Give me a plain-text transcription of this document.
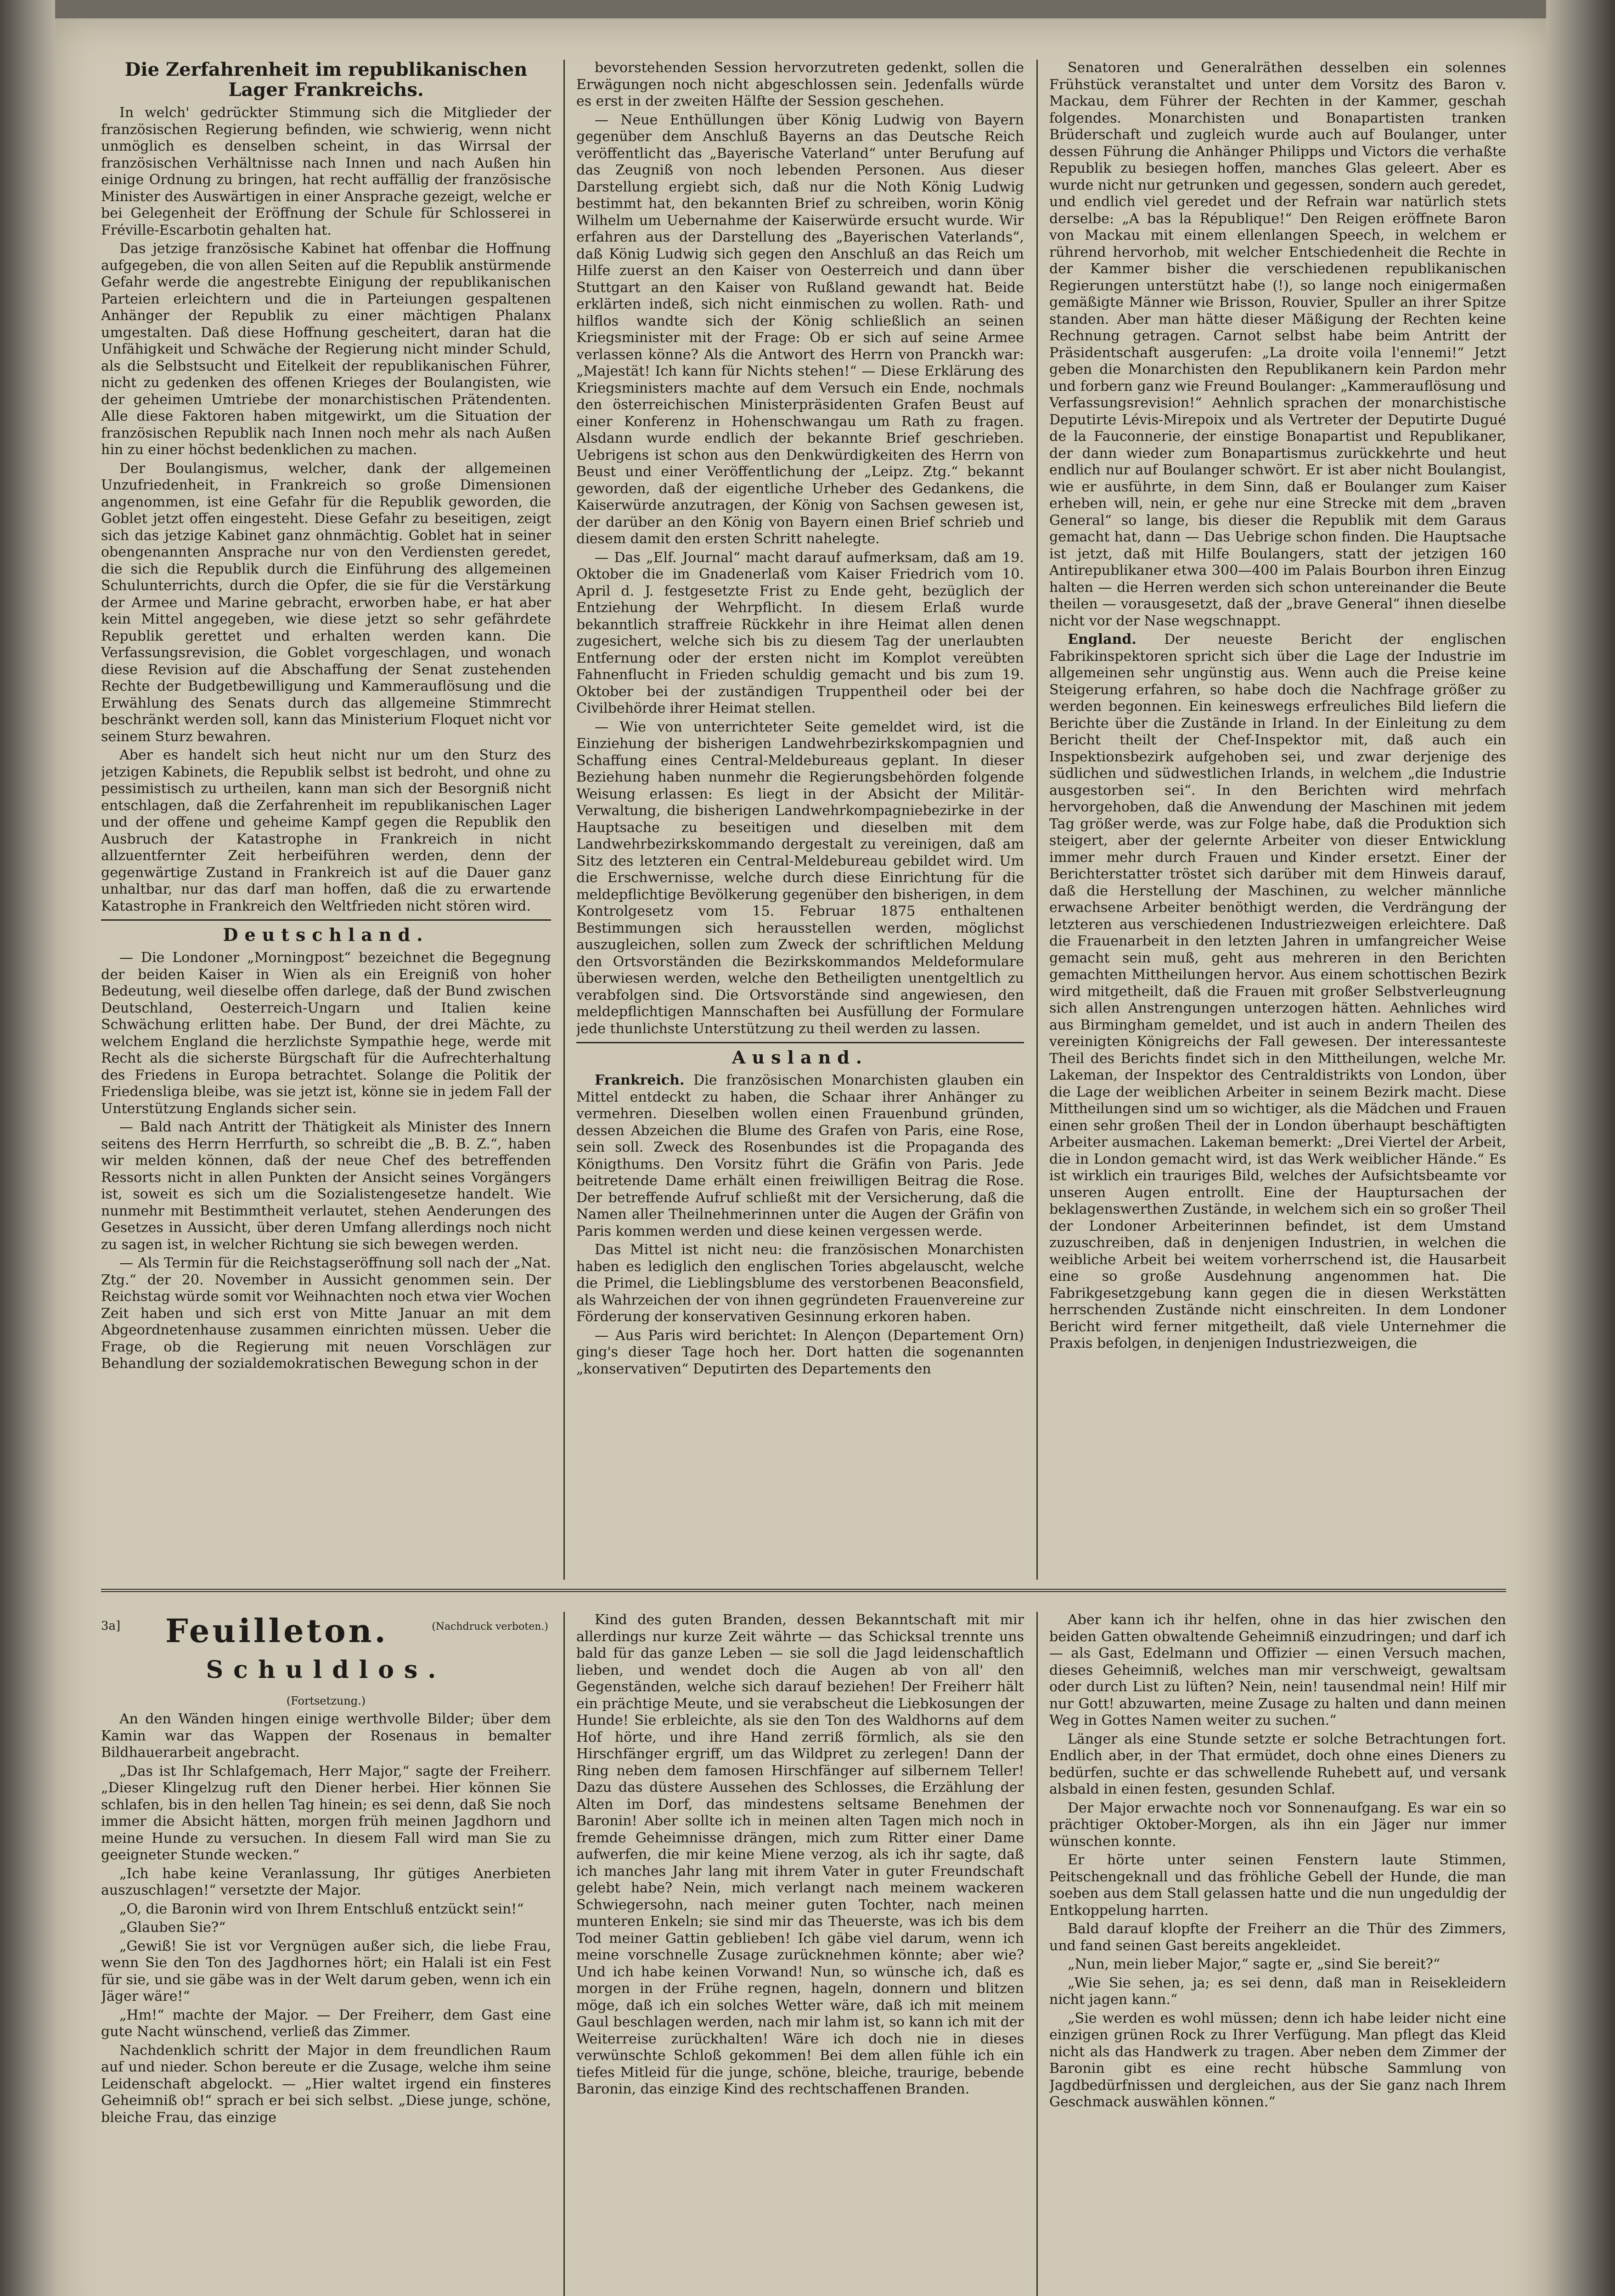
Die Zerfahrenheit im republikanischen Lager Frankreichs.

In welch' gedrückter Stimmung sich die Mitglieder der französischen Regierung befinden, wie schwierig, wenn nicht unmöglich es denselben scheint, in das Wirrsal der französischen Verhältnisse nach Innen und nach Außen hin einige Ordnung zu bringen, hat recht auffällig der französische Minister des Auswärtigen in einer Ansprache gezeigt, welche er bei Gelegenheit der Eröffnung der Schule für Schlosserei in Fréville-Escarbotin gehalten hat.

Das jetzige französische Kabinet hat offenbar die Hoffnung aufgegeben, die von allen Seiten auf die Republik anstürmende Gefahr werde die angestrebte Einigung der republikanischen Parteien erleichtern und die in Parteiungen gespaltenen Anhänger der Republik zu einer mächtigen Phalanx umgestalten. Daß diese Hoffnung gescheitert, daran hat die Unfähigkeit und Schwäche der Regierung nicht minder Schuld, als die Selbstsucht und Eitelkeit der republikanischen Führer, nicht zu gedenken des offenen Krieges der Boulangisten, wie der geheimen Umtriebe der monarchistischen Prätendenten. Alle diese Faktoren haben mitgewirkt, um die Situation der französischen Republik nach Innen noch mehr als nach Außen hin zu einer höchst bedenklichen zu machen.

Der Boulangismus, welcher, dank der allgemeinen Unzufriedenheit, in Frankreich so große Dimensionen angenommen, ist eine Gefahr für die Republik geworden, die Goblet jetzt offen eingesteht. Diese Gefahr zu beseitigen, zeigt sich das jetzige Kabinet ganz ohnmächtig. Goblet hat in seiner obengenannten Ansprache nur von den Verdiensten geredet, die sich die Republik durch die Einführung des allgemeinen Schulunterrichts, durch die Opfer, die sie für die Verstärkung der Armee und Marine gebracht, erworben habe, er hat aber kein Mittel angegeben, wie diese jetzt so sehr gefährdete Republik gerettet und erhalten werden kann. Die Verfassungsrevision, die Goblet vorgeschlagen, und wonach diese Revision auf die Abschaffung der Senat zustehenden Rechte der Budgetbewilligung und Kammerauflösung und die Erwählung des Senats durch das allgemeine Stimmrecht beschränkt werden soll, kann das Ministerium Floquet nicht vor seinem Sturz bewahren.

Aber es handelt sich heut nicht nur um den Sturz des jetzigen Kabinets, die Republik selbst ist bedroht, und ohne zu pessimistisch zu urtheilen, kann man sich der Besorgniß nicht entschlagen, daß die Zerfahrenheit im republikanischen Lager und der offene und geheime Kampf gegen die Republik den Ausbruch der Katastrophe in Frankreich in nicht allzuentfernter Zeit herbeiführen werden, denn der gegenwärtige Zustand in Frankreich ist auf die Dauer ganz unhaltbar, nur das darf man hoffen, daß die zu erwartende Katastrophe in Frankreich den Weltfrieden nicht stören wird.

Deutschland.

— Die Londoner „Morningpost“ bezeichnet die Begegnung der beiden Kaiser in Wien als ein Ereigniß von hoher Bedeutung, weil dieselbe offen darlege, daß der Bund zwischen Deutschland, Oesterreich-Ungarn und Italien keine Schwächung erlitten habe. Der Bund, der drei Mächte, zu welchem England die herzlichste Sympathie hege, werde mit Recht als die sicherste Bürgschaft für die Aufrechterhaltung des Friedens in Europa betrachtet. Solange die Politik der Friedensliga bleibe, was sie jetzt ist, könne sie in jedem Fall der Unterstützung Englands sicher sein.

— Bald nach Antritt der Thätigkeit als Minister des Innern seitens des Herrn Herrfurth, so schreibt die „B. B. Z.“, haben wir melden können, daß der neue Chef des betreffenden Ressorts nicht in allen Punkten der Ansicht seines Vorgängers ist, soweit es sich um die Sozialistengesetze handelt. Wie nunmehr mit Bestimmtheit verlautet, stehen Aenderungen des Gesetzes in Aussicht, über deren Umfang allerdings noch nicht zu sagen ist, in welcher Richtung sie sich bewegen werden.

— Als Termin für die Reichstagseröffnung soll nach der „Nat. Ztg.“ der 20. November in Aussicht genommen sein. Der Reichstag würde somit vor Weihnachten noch etwa vier Wochen Zeit haben und sich erst von Mitte Januar an mit dem Abgeordnetenhause zusammen einrichten müssen. Ueber die Frage, ob die Regierung mit neuen Vorschlägen zur Behandlung der sozialdemokratischen Bewegung schon in der

bevorstehenden Session hervorzutreten gedenkt, sollen die Erwägungen noch nicht abgeschlossen sein. Jedenfalls würde es erst in der zweiten Hälfte der Session geschehen.

— Neue Enthüllungen über König Ludwig von Bayern gegenüber dem Anschluß Bayerns an das Deutsche Reich veröffentlicht das „Bayerische Vaterland“ unter Berufung auf das Zeugniß von noch lebenden Personen. Aus dieser Darstellung ergiebt sich, daß nur die Noth König Ludwig bestimmt hat, den bekannten Brief zu schreiben, worin König Wilhelm um Uebernahme der Kaiserwürde ersucht wurde. Wir erfahren aus der Darstellung des „Bayerischen Vaterlands“, daß König Ludwig sich gegen den Anschluß an das Reich um Hilfe zuerst an den Kaiser von Oesterreich und dann über Stuttgart an den Kaiser von Rußland gewandt hat. Beide erklärten indeß, sich nicht einmischen zu wollen. Rath- und hilflos wandte sich der König schließlich an seinen Kriegsminister mit der Frage: Ob er sich auf seine Armee verlassen könne? Als die Antwort des Herrn von Pranckh war: „Majestät! Ich kann für Nichts stehen!“ — Diese Erklärung des Kriegsministers machte auf dem Versuch ein Ende, nochmals den österreichischen Ministerpräsidenten Grafen Beust auf einer Konferenz in Hohenschwangau um Rath zu fragen. Alsdann wurde endlich der bekannte Brief geschrieben. Uebrigens ist schon aus den Denkwürdigkeiten des Herrn von Beust und einer Veröffentlichung der „Leipz. Ztg.“ bekannt geworden, daß der eigentliche Urheber des Gedankens, die Kaiserwürde anzutragen, der König von Sachsen gewesen ist, der darüber an den König von Bayern einen Brief schrieb und diesem damit den ersten Schritt nahelegte.

— Das „Elf. Journal“ macht darauf aufmerksam, daß am 19. Oktober die im Gnadenerlaß vom Kaiser Friedrich vom 10. April d. J. festgesetzte Frist zu Ende geht, bezüglich der Entziehung der Wehrpflicht. In diesem Erlaß wurde bekanntlich straffreie Rückkehr in ihre Heimat allen denen zugesichert, welche sich bis zu diesem Tag der unerlaubten Entfernung oder der ersten nicht im Komplot vereübten Fahnenflucht in Frieden schuldig gemacht und bis zum 19. Oktober bei der zuständigen Truppentheil oder bei der Civilbehörde ihrer Heimat stellen.

— Wie von unterrichteter Seite gemeldet wird, ist die Einziehung der bisherigen Landwehrbezirkskompagnien und Schaffung eines Central-Meldebureaus geplant. In dieser Beziehung haben nunmehr die Regierungsbehörden folgende Weisung erlassen: Es liegt in der Absicht der Militär-Verwaltung, die bisherigen Landwehrkompagniebezirke in der Hauptsache zu beseitigen und dieselben mit dem Landwehrbezirkskommando dergestalt zu vereinigen, daß am Sitz des letzteren ein Central-Meldebureau gebildet wird. Um die Erschwernisse, welche durch diese Einrichtung für die meldepflichtige Bevölkerung gegenüber den bisherigen, in dem Kontrolgesetz vom 15. Februar 1875 enthaltenen Bestimmungen sich herausstellen werden, möglichst auszugleichen, sollen zum Zweck der schriftlichen Meldung den Ortsvorständen die Bezirkskommandos Meldeformulare überwiesen werden, welche den Betheiligten unentgeltlich zu verabfolgen sind. Die Ortsvorstände sind angewiesen, den meldepflichtigen Mannschaften bei Ausfüllung der Formulare jede thunlichste Unterstützung zu theil werden zu lassen.

Ausland.

Frankreich. Die französischen Monarchisten glauben ein Mittel entdeckt zu haben, die Schaar ihrer Anhänger zu vermehren. Dieselben wollen einen Frauenbund gründen, dessen Abzeichen die Blume des Grafen von Paris, eine Rose, sein soll. Zweck des Rosenbundes ist die Propaganda des Königthums. Den Vorsitz führt die Gräfin von Paris. Jede beitretende Dame erhält einen freiwilligen Beitrag die Rose. Der betreffende Aufruf schließt mit der Versicherung, daß die Namen aller Theilnehmerinnen unter die Augen der Gräfin von Paris kommen werden und diese keinen vergessen werde.

Das Mittel ist nicht neu: die französischen Monarchisten haben es lediglich den englischen Tories abgelauscht, welche die Primel, die Lieblingsblume des verstorbenen Beaconsfield, als Wahrzeichen der von ihnen gegründeten Frauenvereine zur Förderung der konservativen Gesinnung erkoren haben.

— Aus Paris wird berichtet: In Alençon (Departement Orn) ging's dieser Tage hoch her. Dort hatten die sogenannten „konservativen“ Deputirten des Departements den

Senatoren und Generalräthen desselben ein solennes Frühstück veranstaltet und unter dem Vorsitz des Baron v. Mackau, dem Führer der Rechten in der Kammer, geschah folgendes. Monarchisten und Bonapartisten tranken Brüderschaft und zugleich wurde auch auf Boulanger, unter dessen Führung die Anhänger Philipps und Victors die verhaßte Republik zu besiegen hoffen, manches Glas geleert. Aber es wurde nicht nur getrunken und gegessen, sondern auch geredet, und endlich viel geredet und der Refrain war natürlich stets derselbe: „A bas la République!“ Den Reigen eröffnete Baron von Mackau mit einem ellenlangen Speech, in welchem er rührend hervorhob, mit welcher Entschiedenheit die Rechte in der Kammer bisher die verschiedenen republikanischen Regierungen unterstützt habe (!), so lange noch einigermaßen gemäßigte Männer wie Brisson, Rouvier, Spuller an ihrer Spitze standen. Aber man hätte dieser Mäßigung der Rechten keine Rechnung getragen. Carnot selbst habe beim Antritt der Präsidentschaft ausgerufen: „La droite voila l'ennemi!“ Jetzt geben die Monarchisten den Republikanern kein Pardon mehr und forbern ganz wie Freund Boulanger: „Kammerauflösung und Verfassungsrevision!“ Aehnlich sprachen der monarchistische Deputirte Lévis-Mirepoix und als Vertreter der Deputirte Dugué de la Fauconnerie, der einstige Bonapartist und Republikaner, der dann wieder zum Bonapartismus zurückkehrte und heut endlich nur auf Boulanger schwört. Er ist aber nicht Boulangist, wie er ausführte, in dem Sinn, daß er Boulanger zum Kaiser erheben will, nein, er gehe nur eine Strecke mit dem „braven General“ so lange, bis dieser die Republik mit dem Garaus gemacht hat, dann — Das Uebrige schon finden. Die Hauptsache ist jetzt, daß mit Hilfe Boulangers, statt der jetzigen 160 Antirepublikaner etwa 300—400 im Palais Bourbon ihren Einzug halten — die Herren werden sich schon untereinander die Beute theilen — vorausgesetzt, daß der „brave General“ ihnen dieselbe nicht vor der Nase wegschnappt.

England. Der neueste Bericht der englischen Fabrikinspektoren spricht sich über die Lage der Industrie im allgemeinen sehr ungünstig aus. Wenn auch die Preise keine Steigerung erfahren, so habe doch die Nachfrage größer zu werden begonnen. Ein keineswegs erfreuliches Bild liefern die Berichte über die Zustände in Irland. In der Einleitung zu dem Bericht theilt der Chef-Inspektor mit, daß auch ein Inspektionsbezirk aufgehoben sei, und zwar derjenige des südlichen und südwestlichen Irlands, in welchem „die Industrie ausgestorben sei“. In den Berichten wird mehrfach hervorgehoben, daß die Anwendung der Maschinen mit jedem Tag größer werde, was zur Folge habe, daß die Produktion sich steigert, aber der gelernte Arbeiter von dieser Entwicklung immer mehr durch Frauen und Kinder ersetzt. Einer der Berichterstatter tröstet sich darüber mit dem Hinweis darauf, daß die Herstellung der Maschinen, zu welcher männliche erwachsene Arbeiter benöthigt werden, die Verdrängung der letzteren aus verschiedenen Industriezweigen erleichtere. Daß die Frauenarbeit in den letzten Jahren in umfangreicher Weise gemacht sein muß, geht aus mehreren in den Berichten gemachten Mittheilungen hervor. Aus einem schottischen Bezirk wird mitgetheilt, daß die Frauen mit großer Selbstverleugnung sich allen Anstrengungen unterzogen hätten. Aehnliches wird aus Birmingham gemeldet, und ist auch in andern Theilen des vereinigten Königreichs der Fall gewesen. Der interessanteste Theil des Berichts findet sich in den Mittheilungen, welche Mr. Lakeman, der Inspektor des Centraldistrikts von London, über die Lage der weiblichen Arbeiter in seinem Bezirk macht. Diese Mittheilungen sind um so wichtiger, als die Mädchen und Frauen einen sehr großen Theil der in London überhaupt beschäftigten Arbeiter ausmachen. Lakeman bemerkt: „Drei Viertel der Arbeit, die in London gemacht wird, ist das Werk weiblicher Hände.“ Es ist wirklich ein trauriges Bild, welches der Aufsichtsbeamte vor unseren Augen entrollt. Eine der Hauptursachen der beklagenswerthen Zustände, in welchem sich ein so großer Theil der Londoner Arbeiterinnen befindet, ist dem Umstand zuzuschreiben, daß in denjenigen Industrien, in welchen die weibliche Arbeit bei weitem vorherrschend ist, die Hausarbeit eine so große Ausdehnung angenommen hat. Die Fabrikgesetzgebung kann gegen die in diesen Werkstätten herrschenden Zustände nicht einschreiten. In dem Londoner Bericht wird ferner mitgetheilt, daß viele Unternehmer die Praxis befolgen, in denjenigen Industriezweigen, die

3a] Feuilleton.	(Nachdruck verboten.)
Schuldlos.
(Fortsetzung.)

An den Wänden hingen einige werthvolle Bilder; über dem Kamin war das Wappen der Rosenaus in bemalter Bildhauerarbeit angebracht.

„Das ist Ihr Schlafgemach, Herr Major,“ sagte der Freiherr. „Dieser Klingelzug ruft den Diener herbei. Hier können Sie schlafen, bis in den hellen Tag hinein; es sei denn, daß Sie noch immer die Absicht hätten, morgen früh meinen Jagdhorn und meine Hunde zu versuchen. In diesem Fall wird man Sie zu geeigneter Stunde wecken.“

„Ich habe keine Veranlassung, Ihr gütiges Anerbieten auszuschlagen!“ versetzte der Major.

„O, die Baronin wird von Ihrem Entschluß entzückt sein!“

„Glauben Sie?“

„Gewiß! Sie ist vor Vergnügen außer sich, die liebe Frau, wenn Sie den Ton des Jagdhornes hört; ein Halali ist ein Fest für sie, und sie gäbe was in der Welt darum geben, wenn ich ein Jäger wäre!“

„Hm!“ machte der Major. — Der Freiherr, dem Gast eine gute Nacht wünschend, verließ das Zimmer.

Nachdenklich schritt der Major in dem freundlichen Raum auf und nieder. Schon bereute er die Zusage, welche ihm seine Leidenschaft abgelockt. — „Hier waltet irgend ein finsteres Geheimniß ob!“ sprach er bei sich selbst. „Diese junge, schöne, bleiche Frau, das einzige

Kind des guten Branden, dessen Bekanntschaft mit mir allerdings nur kurze Zeit währte — das Schicksal trennte uns bald für das ganze Leben — sie soll die Jagd leidenschaftlich lieben, und wendet doch die Augen ab von all' den Gegenständen, welche sich darauf beziehen! Der Freiherr hält ein prächtige Meute, und sie verabscheut die Liebkosungen der Hunde! Sie erbleichte, als sie den Ton des Waldhorns auf dem Hof hörte, und ihre Hand zerriß förmlich, als sie den Hirschfänger ergriff, um das Wildpret zu zerlegen! Dann der Ring neben dem famosen Hirschfänger auf silbernem Teller! Dazu das düstere Aussehen des Schlosses, die Erzählung der Alten im Dorf, das mindestens seltsame Benehmen der Baronin! Aber sollte ich in meinen alten Tagen mich noch in fremde Geheimnisse drängen, mich zum Ritter einer Dame aufwerfen, die mir keine Miene verzog, als ich ihr sagte, daß ich manches Jahr lang mit ihrem Vater in guter Freundschaft gelebt habe? Nein, mich verlangt nach meinem wackeren Schwiegersohn, nach meiner guten Tochter, nach meinen munteren Enkeln; sie sind mir das Theuerste, was ich bis dem Tod meiner Gattin geblieben! Ich gäbe viel darum, wenn ich meine vorschnelle Zusage zurücknehmen könnte; aber wie? Und ich habe keinen Vorwand! Nun, so wünsche ich, daß es morgen in der Frühe regnen, hageln, donnern und blitzen möge, daß ich ein solches Wetter wäre, daß ich mit meinem Gaul beschlagen werden, nach mir lahm ist, so kann ich mit der Weiterreise zurückhalten! Wäre ich doch nie in dieses verwünschte Schloß gekommen! Bei dem allen fühle ich ein tiefes Mitleid für die junge, schöne, bleiche, traurige, bebende Baronin, das einzige Kind des rechtschaffenen Branden.

Aber kann ich ihr helfen, ohne in das hier zwischen den beiden Gatten obwaltende Geheimniß einzudringen; und darf ich — als Gast, Edelmann und Offizier — einen Versuch machen, dieses Geheimniß, welches man mir verschweigt, gewaltsam oder durch List zu lüften? Nein, nein! tausendmal nein! Hilf mir nur Gott! abzuwarten, meine Zusage zu halten und dann meinen Weg in Gottes Namen weiter zu suchen.“

Länger als eine Stunde setzte er solche Betrachtungen fort. Endlich aber, in der That ermüdet, doch ohne eines Dieners zu bedürfen, suchte er das schwellende Ruhebett auf, und versank alsbald in einen festen, gesunden Schlaf.

Der Major erwachte noch vor Sonnenaufgang. Es war ein so prächtiger Oktober-Morgen, als ihn ein Jäger nur immer wünschen konnte.

Er hörte unter seinen Fenstern laute Stimmen, Peitschengeknall und das fröhliche Gebell der Hunde, die man soeben aus dem Stall gelassen hatte und die nun ungeduldig der Entkoppelung harrten.

Bald darauf klopfte der Freiherr an die Thür des Zimmers, und fand seinen Gast bereits angekleidet.

„Nun, mein lieber Major,“ sagte er, „sind Sie bereit?“

„Wie Sie sehen, ja; es sei denn, daß man in Reisekleidern nicht jagen kann.“

„Sie werden es wohl müssen; denn ich habe leider nicht eine einzigen grünen Rock zu Ihrer Verfügung. Man pflegt das Kleid nicht als das Handwerk zu tragen. Aber neben dem Zimmer der Baronin gibt es eine recht hübsche Sammlung von Jagdbedürfnissen und dergleichen, aus der Sie ganz nach Ihrem Geschmack auswählen können.“
